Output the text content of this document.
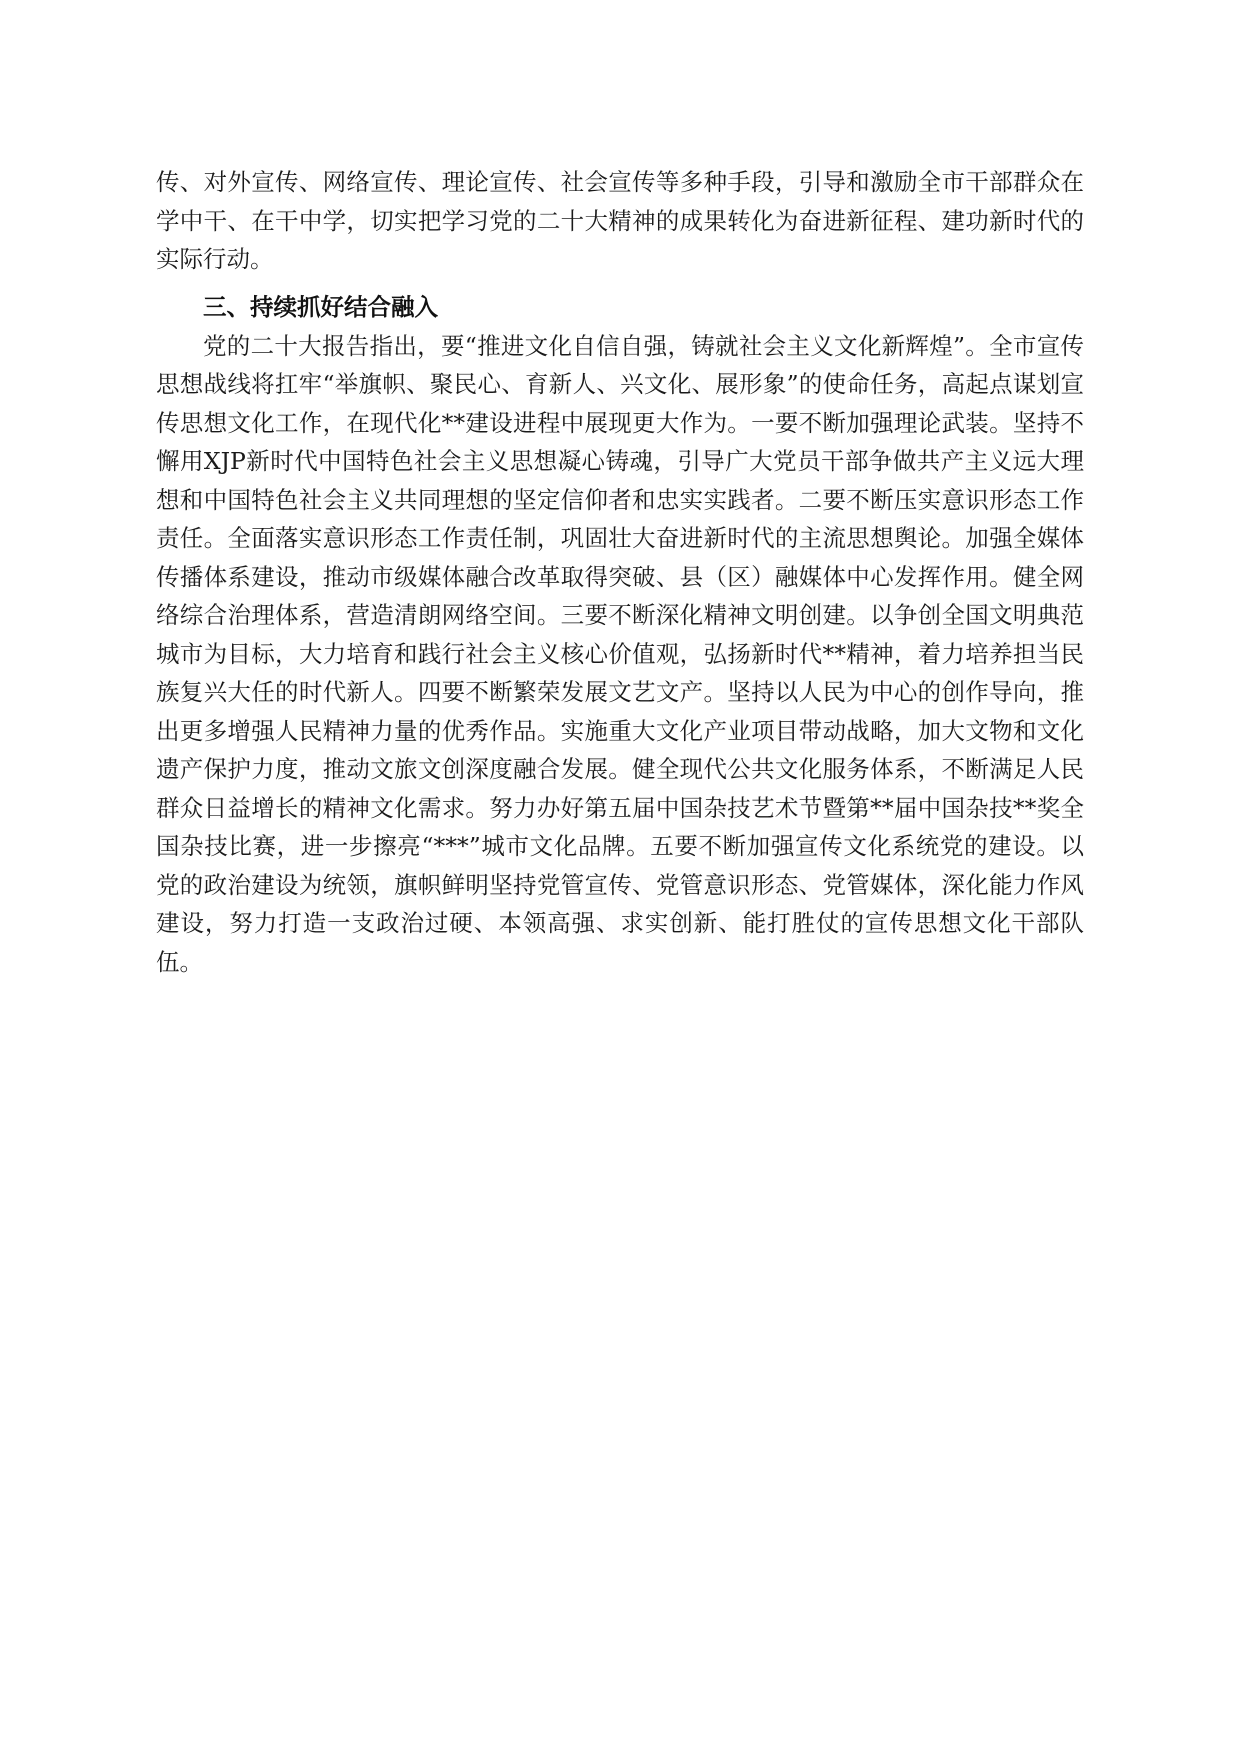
传、对外宣传、网络宣传、理论宣传、社会宣传等多种手段，引导和激励全市干部群众在学中干、在干中学，切实把学习党的二十大精神的成果转化为奋进新征程、建功新时代的实际行动。

三、持续抓好结合融入

党的二十大报告指出，要“推进文化自信自强，铸就社会主义文化新辉煌”。全市宣传思想战线将扛牢“举旗帜、聚民心、育新人、兴文化、展形象”的使命任务，高起点谋划宣传思想文化工作，在现代化**建设进程中展现更大作为。一要不断加强理论武装。坚持不懈用XJP新时代中国特色社会主义思想凝心铸魂，引导广大党员干部争做共产主义远大理想和中国特色社会主义共同理想的坚定信仰者和忠实实践者。二要不断压实意识形态工作责任。全面落实意识形态工作责任制，巩固壮大奋进新时代的主流思想舆论。加强全媒体传播体系建设，推动市级媒体融合改革取得突破、县（区）融媒体中心发挥作用。健全网络综合治理体系，营造清朗网络空间。三要不断深化精神文明创建。以争创全国文明典范城市为目标，大力培育和践行社会主义核心价值观，弘扬新时代**精神，着力培养担当民族复兴大任的时代新人。四要不断繁荣发展文艺文产。坚持以人民为中心的创作导向，推出更多增强人民精神力量的优秀作品。实施重大文化产业项目带动战略，加大文物和文化遗产保护力度，推动文旅文创深度融合发展。健全现代公共文化服务体系，不断满足人民群众日益增长的精神文化需求。努力办好第五届中国杂技艺术节暨第**届中国杂技**奖全国杂技比赛，进一步擦亮“***”城市文化品牌。五要不断加强宣传文化系统党的建设。以党的政治建设为统领，旗帜鲜明坚持党管宣传、党管意识形态、党管媒体，深化能力作风建设，努力打造一支政治过硬、本领高强、求实创新、能打胜仗的宣传思想文化干部队伍。
